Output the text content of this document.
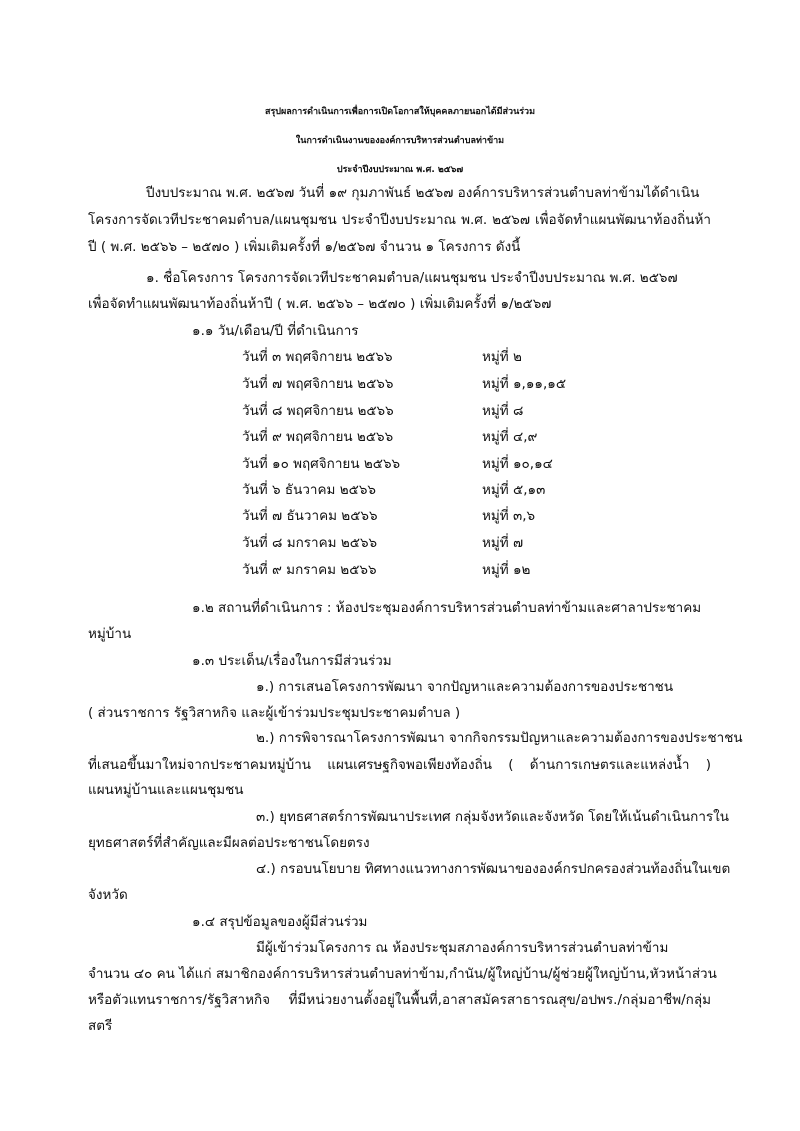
สรุปผลการดำเนินการเพื่อการเปิดโอกาสให้บุคคลภายนอกได้มีส่วนร่วม
ในการดำเนินงานขององค์การบริหารส่วนตำบลท่าข้าม
ประจำปีงบประมาณ พ.ศ. ๒๕๖๗
ปีงบประมาณ พ.ศ. ๒๕๖๗ วันที่ ๑๙ กุมภาพันธ์ ๒๕๖๗ องค์การบริหารส่วนตำบลท่าข้ามได้ดำเนิน
โครงการจัดเวทีประชาคมตำบล/แผนชุมชน ประจำปีงบประมาณ พ.ศ. ๒๕๖๗ เพื่อจัดทำแผนพัฒนาท้องถิ่นห้า
ปี ( พ.ศ. ๒๕๖๖ – ๒๕๗๐ ) เพิ่มเติมครั้งที่ ๑/๒๕๖๗ จำนวน ๑ โครงการ ดังนี้
๑. ชื่อโครงการ โครงการจัดเวทีประชาคมตำบล/แผนชุมชน ประจำปีงบประมาณ พ.ศ. ๒๕๖๗
เพื่อจัดทำแผนพัฒนาท้องถิ่นห้าปี ( พ.ศ. ๒๕๖๖ – ๒๕๗๐ ) เพิ่มเติมครั้งที่ ๑/๒๕๖๗
๑.๑ วัน/เดือน/ปี ที่ดำเนินการ
วันที่ ๓ พฤศจิกายน ๒๕๖๖	หมู่ที่ ๒
วันที่ ๗ พฤศจิกายน ๒๕๖๖	หมู่ที่ ๑,๑๑,๑๕
วันที่ ๘ พฤศจิกายน ๒๕๖๖	หมู่ที่ ๘
วันที่ ๙ พฤศจิกายน ๒๕๖๖	หมู่ที่ ๔,๙
วันที่ ๑๐ พฤศจิกายน ๒๕๖๖	หมู่ที่ ๑๐,๑๔
วันที่ ๖ ธันวาคม ๒๕๖๖	หมู่ที่ ๕,๑๓
วันที่ ๗ ธันวาคม ๒๕๖๖	หมู่ที่ ๓,๖
วันที่ ๘ มกราคม ๒๕๖๖	หมู่ที่ ๗
วันที่ ๙ มกราคม ๒๕๖๖	หมู่ที่ ๑๒
๑.๒ สถานที่ดำเนินการ : ห้องประชุมองค์การบริหารส่วนตำบลท่าข้ามและศาลาประชาคม
หมู่บ้าน
๑.๓ ประเด็น/เรื่องในการมีส่วนร่วม
๑.) การเสนอโครงการพัฒนา จากปัญหาและความต้องการของประชาชน
( ส่วนราชการ รัฐวิสาหกิจ และผู้เข้าร่วมประชุมประชาคมตำบล )
๒.) การพิจารณาโครงการพัฒนา จากกิจกรรมปัญหาและความต้องการของประชาชน
ที่เสนอขึ้นมาใหม่จากประชาคมหมู่บ้าน แผนเศรษฐกิจพอเพียงท้องถิ่น ( ด้านการเกษตรและแหล่งน้ำ )
แผนหมู่บ้านและแผนชุมชน
๓.) ยุทธศาสตร์การพัฒนาประเทศ กลุ่มจังหวัดและจังหวัด โดยให้เน้นดำเนินการใน
ยุทธศาสตร์ที่สำคัญและมีผลต่อประชาชนโดยตรง
๔.) กรอบนโยบาย ทิศทางแนวทางการพัฒนาขององค์กรปกครองส่วนท้องถิ่นในเขต
จังหวัด
๑.๔ สรุปข้อมูลของผู้มีส่วนร่วม
มีผู้เข้าร่วมโครงการ ณ ห้องประชุมสภาองค์การบริหารส่วนตำบลท่าข้าม
จำนวน ๔๐ คน ได้แก่ สมาชิกองค์การบริหารส่วนตำบลท่าข้าม,กำนัน/ผู้ใหญ่บ้าน/ผู้ช่วยผู้ใหญ่บ้าน,หัวหน้าส่วน
หรือตัวแทนราชการ/รัฐวิสาหกิจ ที่มีหน่วยงานตั้งอยู่ในพื้นที่,อาสาสมัครสาธารณสุข/อปพร./กลุ่มอาชีพ/กลุ่ม
สตรี
